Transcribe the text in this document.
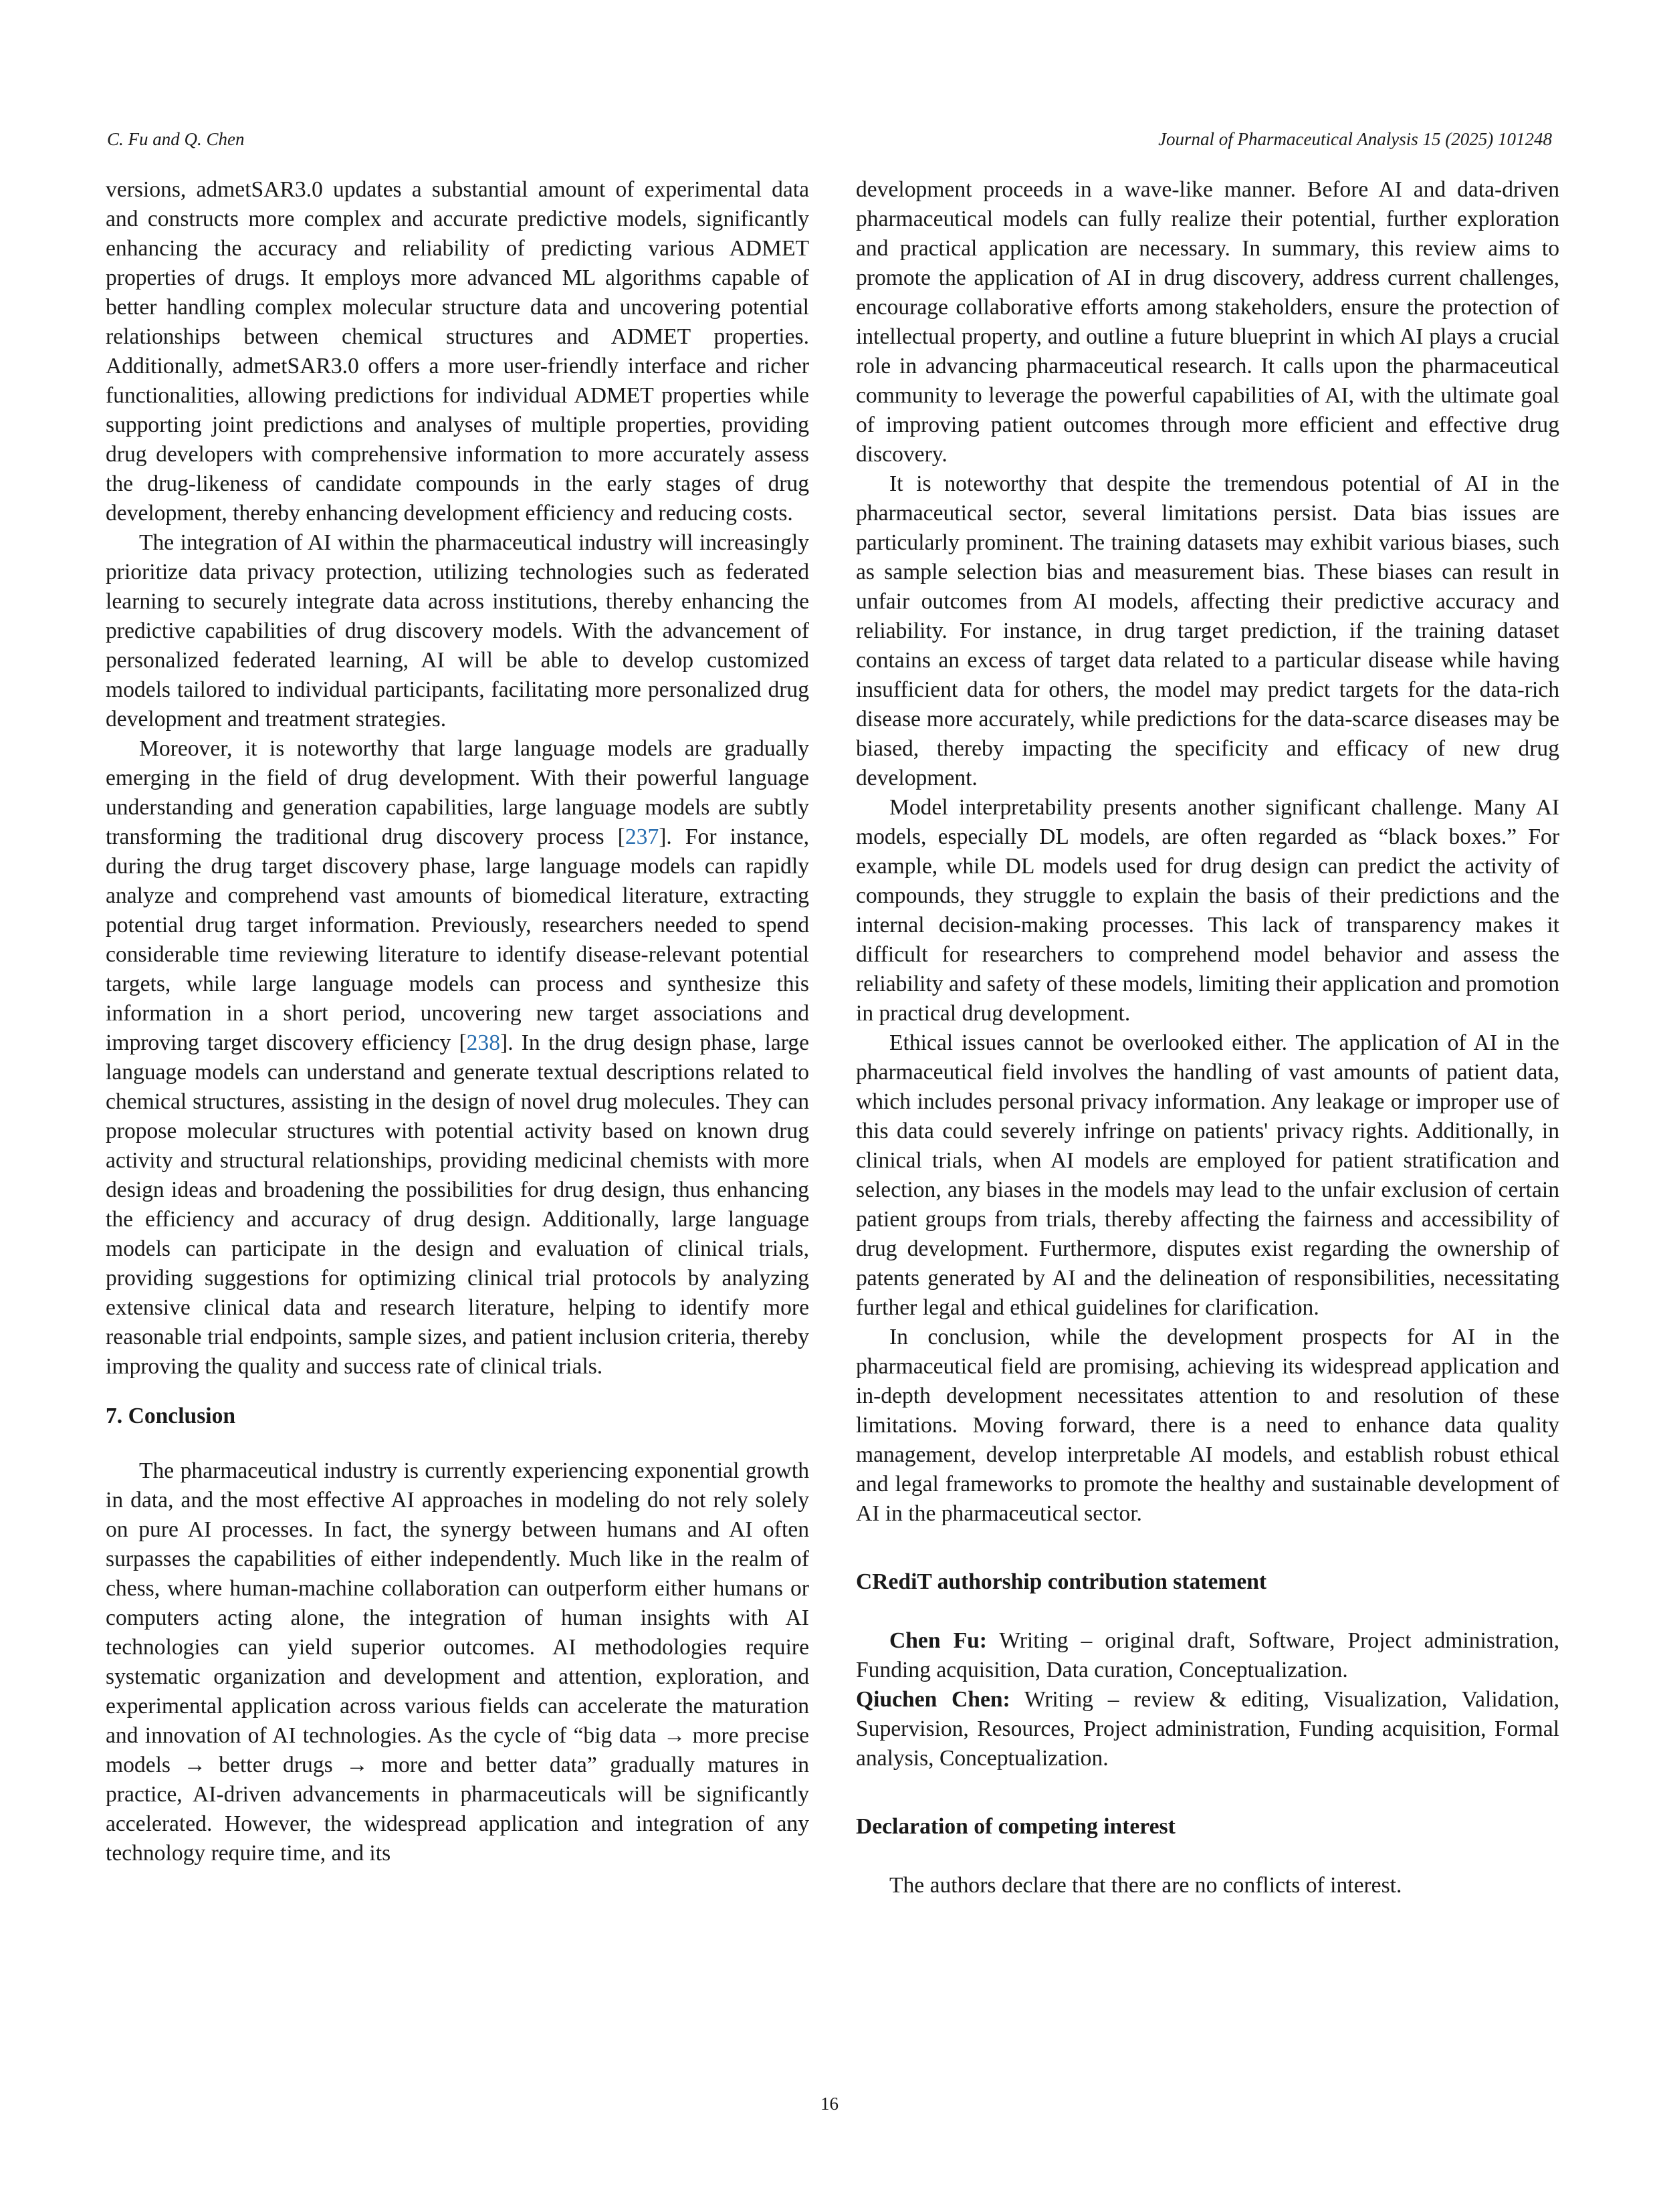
C. Fu and Q. Chen	Journal of Pharmaceutical Analysis 15 (2025) 101248

versions, admetSAR3.0 updates a substantial amount of experimental data and constructs more complex and accurate predictive models, significantly enhancing the accuracy and reliability of predicting various ADMET properties of drugs. It employs more advanced ML algorithms capable of better handling complex molecular structure data and uncovering potential relationships between chemical structures and ADMET properties. Additionally, admetSAR3.0 offers a more user-friendly interface and richer functionalities, allowing predictions for individual ADMET properties while supporting joint predictions and analyses of multiple properties, providing drug developers with comprehensive information to more accurately assess the drug-likeness of candidate compounds in the early stages of drug development, thereby enhancing development efficiency and reducing costs.

The integration of AI within the pharmaceutical industry will increasingly prioritize data privacy protection, utilizing technologies such as federated learning to securely integrate data across institutions, thereby enhancing the predictive capabilities of drug discovery models. With the advancement of personalized federated learning, AI will be able to develop customized models tailored to individual participants, facilitating more personalized drug development and treatment strategies.

Moreover, it is noteworthy that large language models are gradually emerging in the field of drug development. With their powerful language understanding and generation capabilities, large language models are subtly transforming the traditional drug discovery process [237]. For instance, during the drug target discovery phase, large language models can rapidly analyze and comprehend vast amounts of biomedical literature, extracting potential drug target information. Previously, researchers needed to spend considerable time reviewing literature to identify disease-relevant potential targets, while large language models can process and synthesize this information in a short period, uncovering new target associations and improving target discovery efficiency [238]. In the drug design phase, large language models can understand and generate textual descriptions related to chemical structures, assisting in the design of novel drug molecules. They can propose molecular structures with potential activity based on known drug activity and structural relationships, providing medicinal chemists with more design ideas and broadening the possibilities for drug design, thus enhancing the efficiency and accuracy of drug design. Additionally, large language models can participate in the design and evaluation of clinical trials, providing suggestions for optimizing clinical trial protocols by analyzing extensive clinical data and research literature, helping to identify more reasonable trial endpoints, sample sizes, and patient inclusion criteria, thereby improving the quality and success rate of clinical trials.

7. Conclusion

The pharmaceutical industry is currently experiencing exponential growth in data, and the most effective AI approaches in modeling do not rely solely on pure AI processes. In fact, the synergy between humans and AI often surpasses the capabilities of either independently. Much like in the realm of chess, where human-machine collaboration can outperform either humans or computers acting alone, the integration of human insights with AI technologies can yield superior outcomes. AI methodologies require systematic organization and development and attention, exploration, and experimental application across various fields can accelerate the maturation and innovation of AI technologies. As the cycle of “big data → more precise models → better drugs → more and better data” gradually matures in practice, AI-driven advancements in pharmaceuticals will be significantly accelerated. However, the widespread application and integration of any technology require time, and its

development proceeds in a wave-like manner. Before AI and data-driven pharmaceutical models can fully realize their potential, further exploration and practical application are necessary. In summary, this review aims to promote the application of AI in drug discovery, address current challenges, encourage collaborative efforts among stakeholders, ensure the protection of intellectual property, and outline a future blueprint in which AI plays a crucial role in advancing pharmaceutical research. It calls upon the pharmaceutical community to leverage the powerful capabilities of AI, with the ultimate goal of improving patient outcomes through more efficient and effective drug discovery.

It is noteworthy that despite the tremendous potential of AI in the pharmaceutical sector, several limitations persist. Data bias issues are particularly prominent. The training datasets may exhibit various biases, such as sample selection bias and measurement bias. These biases can result in unfair outcomes from AI models, affecting their predictive accuracy and reliability. For instance, in drug target prediction, if the training dataset contains an excess of target data related to a particular disease while having insufficient data for others, the model may predict targets for the data-rich disease more accurately, while predictions for the data-scarce diseases may be biased, thereby impacting the specificity and efficacy of new drug development.

Model interpretability presents another significant challenge. Many AI models, especially DL models, are often regarded as “black boxes.” For example, while DL models used for drug design can predict the activity of compounds, they struggle to explain the basis of their predictions and the internal decision-making processes. This lack of transparency makes it difficult for researchers to comprehend model behavior and assess the reliability and safety of these models, limiting their application and promotion in practical drug development.

Ethical issues cannot be overlooked either. The application of AI in the pharmaceutical field involves the handling of vast amounts of patient data, which includes personal privacy information. Any leakage or improper use of this data could severely infringe on patients' privacy rights. Additionally, in clinical trials, when AI models are employed for patient stratification and selection, any biases in the models may lead to the unfair exclusion of certain patient groups from trials, thereby affecting the fairness and accessibility of drug development. Furthermore, disputes exist regarding the ownership of patents generated by AI and the delineation of responsibilities, necessitating further legal and ethical guidelines for clarification.

In conclusion, while the development prospects for AI in the pharmaceutical field are promising, achieving its widespread application and in-depth development necessitates attention to and resolution of these limitations. Moving forward, there is a need to enhance data quality management, develop interpretable AI models, and establish robust ethical and legal frameworks to promote the healthy and sustainable development of AI in the pharmaceutical sector.

CRediT authorship contribution statement

Chen Fu: Writing – original draft, Software, Project administration, Funding acquisition, Data curation, Conceptualization.

Qiuchen Chen: Writing – review & editing, Visualization, Validation, Supervision, Resources, Project administration, Funding acquisition, Formal analysis, Conceptualization.

Declaration of competing interest

The authors declare that there are no conflicts of interest.

16
